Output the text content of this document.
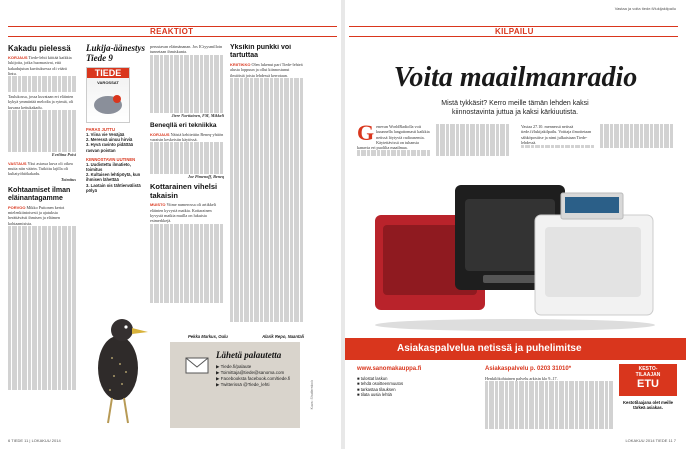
REAKTIOT
Kakadu pielessä
KORJAUS Tiede-lehti kiittää kaikkia lukijoita, jotka huomasivat, että kakadujutun kuvituksessa oli väärä lintu.
Taulukossa, jossa kuvataan eri eläinten kykyä ymmärtää melodia ja rytmiä, oli kuvana kettukakadu.
Eveliina Poisi
VASTAUS Yksi asiassa kuva oli oikea muita niin väärin. Tutkittu lajilla oli kultatyöhtökakadu.
Toimitus
Kohtaamiset ilman eläinantagamme
PORVOO Mikko Puttonen kertoi mielenkiintoisesti ja ajatuksia herättävästi ihmisen ja eläimen kohtaamisista.
Lukija-äänestys Tiede 9
TIEDE
VAROSSAT
PARAS JUTTU
1. Viina vie Venäjää
2. Meressä uinuu hirviä
3. Hyvä ravinto pidättää rasvan poistan
KIINNOSTAVIN UUTINEN
1. Uudistettu ilmatieto, toimitus
2. Kultaisen lehtipöytä, kun ihmisen lähettää
3. Laotain ois tähtienvälistä pölyä
perustavan eläimänanan. Jos ICtyysmilloin tunnetaan ihmiskunta.
Jiere Nortiainen, FM, Mikkeli
Beneqllä eri tekniikka
KORJAUS Näistä kehitettiin Beneq-yhtiön varaisin keskeisiin käytössä.
Joe Pimenoff, Beneq
Kottarainen vihelsi takaisin
MUISTO Viime numerossa oli artikkeli eläinten kyvystä matkia. Kottarainen kyvystä matkia muilla on lukuisia esimerkkejä.
Yksikin punkki voi tartuttaa
KRIITIKKO Olen lukenut pari Tiede-lehteä alusta loppuun ja ollut kiinnostunut ilmiöistä joista lehdessä kerrotaan.
Pekka Markus, Oulu	Alarik Repo, Naantali
Lähetä palautetta
▶ Tiede.fi/palaute
▶ Toimittaja@tiede@sanoma.com
▶ Facebooksta facebook.com/tiede.fi
▶ Twitterissä @Tiede_lehti	Kuva: Shutterstock
6 TIEDE 11 | LOKAKUU 2014
Vastaa ja voita tiede.fi/lukijakilpailu
KILPAILU
Voita maailmanradio
Mistä tykkäsit? Kerro meille tämän lehden kaksi kiinnostavinta juttua ja kaksi kärkiuutista.
G enevan WorldRadiolla voit kuunnella langattomasti kaikkia netissä löytyviä radioasemia. Käytettävissä on tuhansia kanavia eri puolilta maailmaa.
Vastaa 27.10. mennessä netissä tiede.fi/lukijakilpailu. Voittaja ilmoitetaan sähköpostitse ja nimi julkaistaan Tiede-lehdessä.
Asiakaspalvelua netissä ja puhelimitse
www.sanomakauppa.fi
■ tulostat laskun
■ tehdä osoitteenmuutos
■ tarkastaa tilauksen
■ tilata uusia lehtiä
Asiakaspalvelu p. 0203 31010*
Henkilökohtainen palvelu arkisin klo 9–17.
KESTO-
TILAAJAN
ETU
Kestotilaajana olet meille tärkeä asiakas.
LOKAKUU 2014 TIEDE 11 7
